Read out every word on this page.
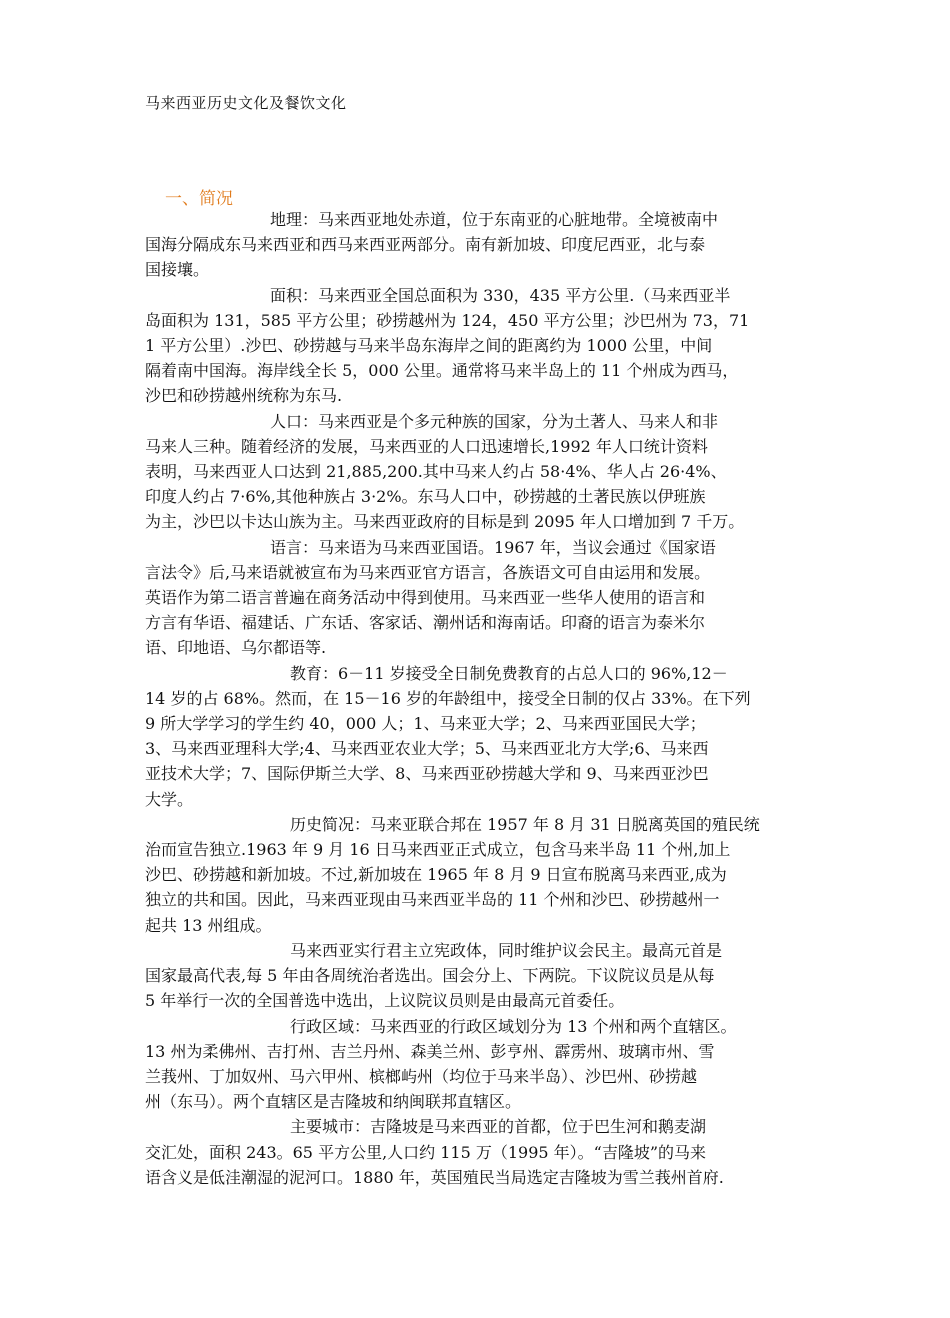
马来西亚历史文化及餐饮文化
一、简况

地理：马来西亚地处赤道，位于东南亚的心脏地带。全境被南中
国海分隔成东马来西亚和西马来西亚两部分。南有新加坡、印度尼西亚，北与泰
国接壤。

面积：马来西亚全国总面积为 330，435 平方公里.（马来西亚半
岛面积为 131，585 平方公里；砂捞越州为 124，450 平方公里；沙巴州为 73，71
1 平方公里）.沙巴、砂捞越与马来半岛东海岸之间的距离约为 1000 公里，中间
隔着南中国海。海岸线全长 5，000 公里。通常将马来半岛上的 11 个州成为西马，
沙巴和砂捞越州统称为东马.

人口：马来西亚是个多元种族的国家，分为土著人、马来人和非
马来人三种。随着经济的发展，马来西亚的人口迅速增长,1992 年人口统计资料
表明，马来西亚人口达到 21,885,200.其中马来人约占 58·4%、华人占 26·4%、
印度人约占 7·6%,其他种族占 3·2%。东马人口中，砂捞越的土著民族以伊班族
为主，沙巴以卡达山族为主。马来西亚政府的目标是到 2095 年人口增加到 7 千万。

语言：马来语为马来西亚国语。1967 年，当议会通过《国家语
言法令》后,马来语就被宣布为马来西亚官方语言，各族语文可自由运用和发展。
英语作为第二语言普遍在商务活动中得到使用。马来西亚一些华人使用的语言和
方言有华语、福建话、广东话、客家话、潮州话和海南话。印裔的语言为泰米尔
语、印地语、乌尔都语等.

教育：6－11 岁接受全日制免费教育的占总人口的 96%,12－
14 岁的占 68%。然而，在 15－16 岁的年龄组中，接受全日制的仅占 33%。在下列
9 所大学学习的学生约 40，000 人；1、马来亚大学；2、马来西亚国民大学；
3、马来西亚理科大学;4、马来西亚农业大学；5、马来西亚北方大学;6、马来西
亚技术大学；7、国际伊斯兰大学、8、马来西亚砂捞越大学和 9、马来西亚沙巴
大学。

历史简况：马来亚联合邦在 1957 年 8 月 31 日脱离英国的殖民统
治而宣告独立.1963 年 9 月 16 日马来西亚正式成立，包含马来半岛 11 个州,加上
沙巴、砂捞越和新加坡。不过,新加坡在 1965 年 8 月 9 日宣布脱离马来西亚,成为
独立的共和国。因此，马来西亚现由马来西亚半岛的 11 个州和沙巴、砂捞越州一
起共 13 州组成。

马来西亚实行君主立宪政体，同时维护议会民主。最高元首是
国家最高代表,每 5 年由各周统治者选出。国会分上、下两院。下议院议员是从每
5 年举行一次的全国普选中选出，上议院议员则是由最高元首委任。

行政区域：马来西亚的行政区域划分为 13 个州和两个直辖区。
13 州为柔佛州、吉打州、吉兰丹州、森美兰州、彭亨州、霹雳州、玻璃市州、雪
兰莪州、丁加奴州、马六甲州、槟榔屿州（均位于马来半岛）、沙巴州、砂捞越
州（东马）。两个直辖区是吉隆坡和纳闽联邦直辖区。

主要城市：吉隆坡是马来西亚的首都，位于巴生河和鹅麦湖
交汇处，面积 243。65 平方公里,人口约 115 万（1995 年）。“吉隆坡”的马来
语含义是低洼潮湿的泥河口。1880 年，英国殖民当局选定吉隆坡为雪兰莪州首府.
